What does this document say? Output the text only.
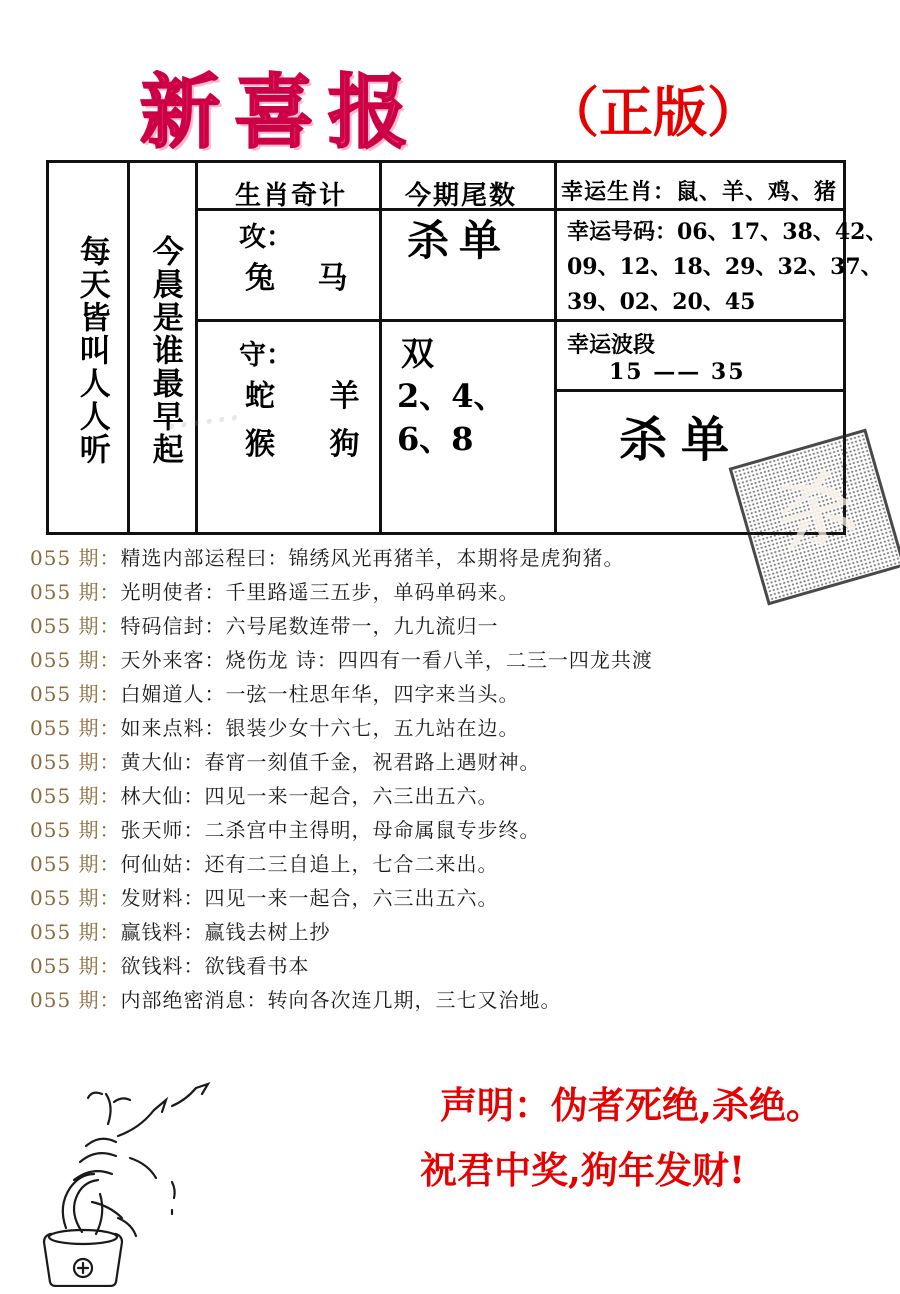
新喜报 （正版）
每天皆叫人人听 今晨是谁最早起
生肖奇计 今期尾数
攻：
兔 马
守：
蛇 羊
猴 狗
杀单
双
2、4、6、8
幸运生肖：鼠、羊、鸡、猪
幸运号码：06、17、38、42、09、12、18、29、32、37、39、02、20、45
幸运波段
15 —— 35
杀单
······
杀
055 期：精选内部运程曰：锦绣风光再猪羊，本期将是虎狗猪。
055 期：光明使者：千里路遥三五步，单码单码来。
055 期：特码信封：六号尾数连带一，九九流归一
055 期：天外来客：烧伤龙 诗：四四有一看八羊，二三一四龙共渡
055 期：白媚道人：一弦一柱思年华，四字来当头。
055 期：如来点料：银装少女十六七，五九站在边。
055 期：黄大仙：春宵一刻值千金，祝君路上遇财神。
055 期：林大仙：四见一来一起合，六三出五六。
055 期：张天师：二杀宫中主得明，母命属鼠专步终。
055 期：何仙姑：还有二三自追上，七合二来出。
055 期：发财料：四见一来一起合，六三出五六。
055 期：赢钱料：赢钱去树上抄
055 期：欲钱料：欲钱看书本
055 期：内部绝密消息：转向各次连几期，三七又治地。
声明：伪者死绝,杀绝。
祝君中奖,狗年发财!
